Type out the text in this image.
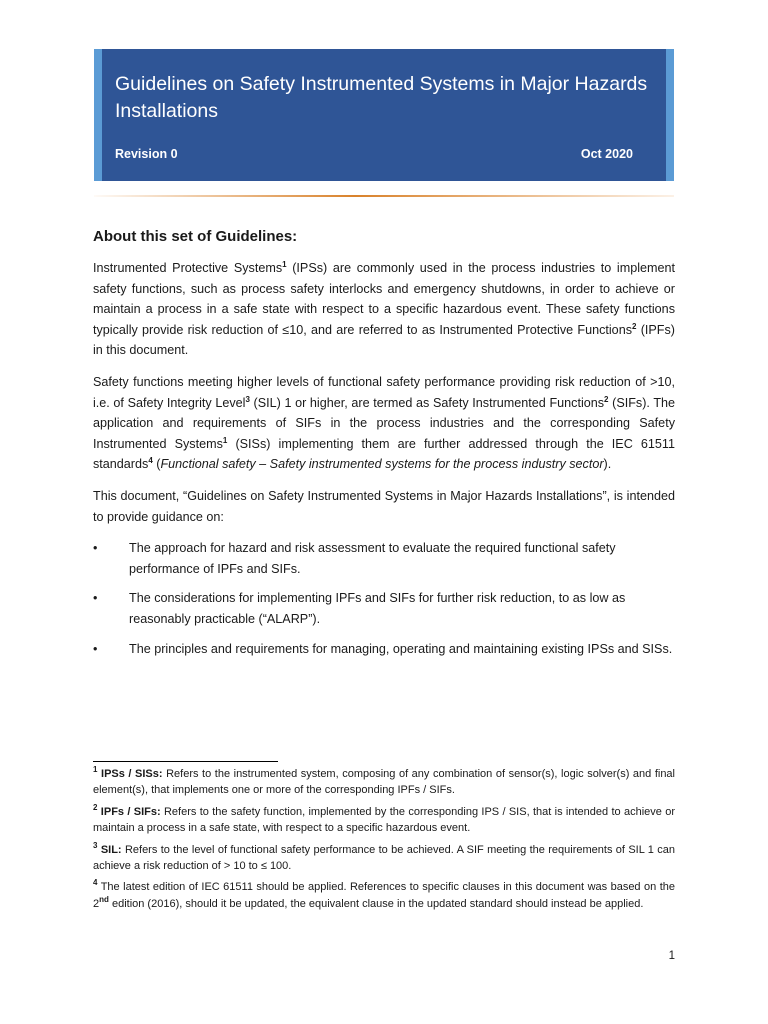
Guidelines on Safety Instrumented Systems in Major Hazards Installations
Revision 0	Oct 2020
About this set of Guidelines:

Instrumented Protective Systems$^1$ (IPSs) are commonly used in the process industries to implement safety functions, such as process safety interlocks and emergency shutdowns, in order to achieve or maintain a process in a safe state with respect to a specific hazardous event. These safety functions typically provide risk reduction of ≤10, and are referred to as Instrumented Protective Functions$^2$ (IPFs) in this document.

Safety functions meeting higher levels of functional safety performance providing risk reduction of >10, i.e. of Safety Integrity Level$^3$ (SIL) 1 or higher, are termed as Safety Instrumented Functions$^2$ (SIFs). The application and requirements of SIFs in the process industries and the corresponding Safety Instrumented Systems$^1$ (SISs) implementing them are further addressed through the IEC 61511 standards$^4$ (Functional safety – Safety instrumented systems for the process industry sector).

This document, “Guidelines on Safety Instrumented Systems in Major Hazards Installations”, is intended to provide guidance on:

•	The approach for hazard and risk assessment to evaluate the required functional safety performance of IPFs and SIFs.
•	The considerations for implementing IPFs and SIFs for further risk reduction, to as low as reasonably practicable (“ALARP”).
•	The principles and requirements for managing, operating and maintaining existing IPSs and SISs.

$^1$ IPSs / SISs: Refers to the instrumented system, composing of any combination of sensor(s), logic solver(s) and final element(s), that implements one or more of the corresponding IPFs / SIFs.

$^2$ IPFs / SIFs: Refers to the safety function, implemented by the corresponding IPS / SIS, that is intended to achieve or maintain a process in a safe state, with respect to a specific hazardous event.

$^3$ SIL: Refers to the level of functional safety performance to be achieved. A SIF meeting the requirements of SIL 1 can achieve a risk reduction of > 10 to ≤ 100.

$^4$ The latest edition of IEC 61511 should be applied. References to specific clauses in this document was based on the 2nd edition (2016), should it be updated, the equivalent clause in the updated standard should instead be applied.

1
